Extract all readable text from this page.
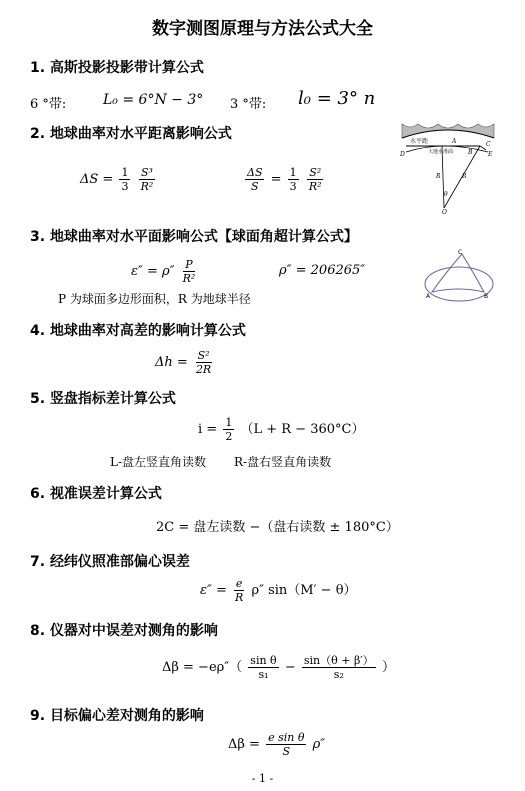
数字测图原理与方法公式大全
1. 高斯投影投影带计算公式
6 °带:	L₀ = 6°N − 3° 3 °带: l₀ = 3° n
2. 地球曲率对水平距离影响公式
$\Delta S = \frac{1}{3}$
$\frac{\text{S³}}{\text{R²}}$	$\frac{\Delta S}{S} = \frac{1}{3}$
$\frac{\text{S²}}{\text{R²}}$
水平距
大地水准面
A
B
C
D	E
R	R
θ
O
3. 地球曲率对水平面影响公式【球面角超计算公式】
$\varepsilon'' = \rho'' \frac{P}{\text{R²}}$	ρ″ = 206265″
P 为球面多边形面积，R 为地球半径
C
A	B
4. 地球曲率对高差的影响计算公式
$\Delta h = \frac{\text{S²}}{2R}$
5. 竖盘指标差计算公式
$i = \frac{1}{2} (L + R - 360^\circ C)$
L-盘左竖直角读数 R-盘右竖直角读数
6. 视准误差计算公式
2C = 盘左读数 −（盘右读数 ± 180°C）
7. 经纬仪照准部偏心误差
$\varepsilon'' = \frac{e}{R} \rho''$ sin（M′ − θ）
8. 仪器对中误差对测角的影响
$\Delta\beta = -e\rho''( \frac{\text{sin θ}}{\text{s₁}} - \frac{\sin(\theta + \beta')}{\text{s₂}}$ ）
9. 目标偏心差对测角的影响
$\Delta\beta = \frac{\text{e sin θ}}{S} \rho''$
- 1 -
